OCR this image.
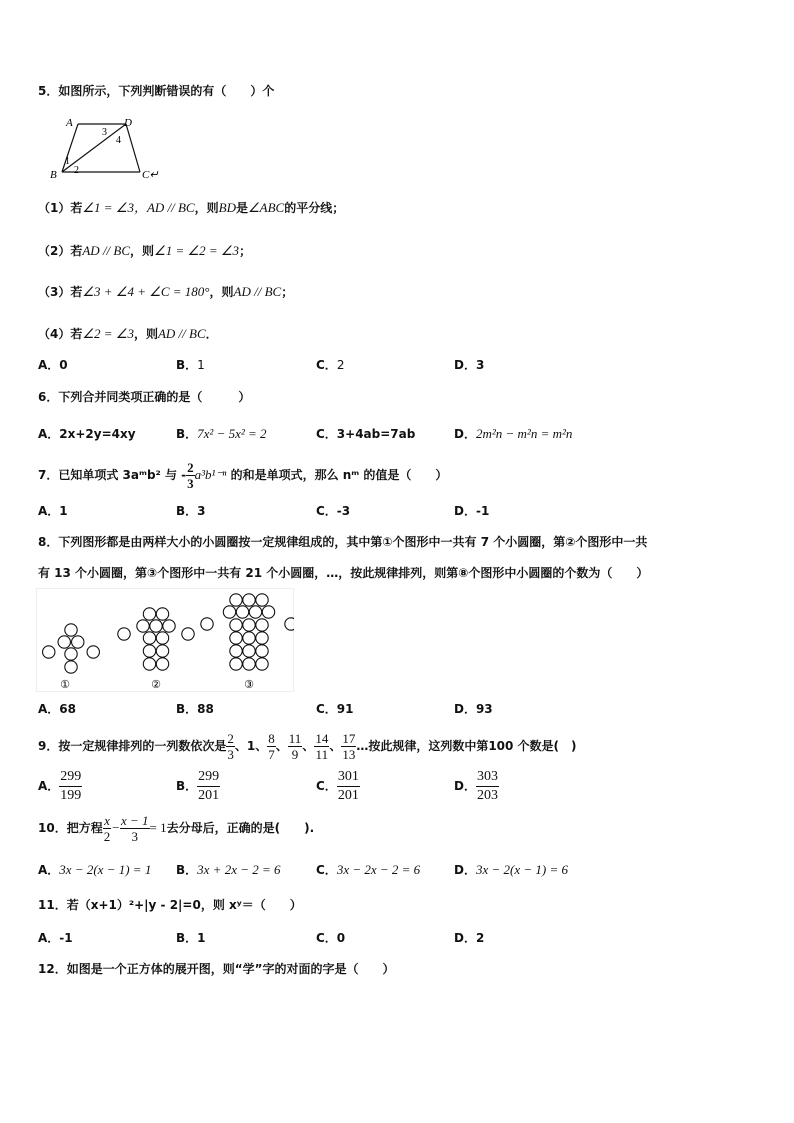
5．如图所示，下列判断错误的有（　　）个
A	D
B	C↵
1
2
3
4
（1）若∠1 = ∠3，AD // BC，则BD是∠ABC的平分线；
（2）若AD // BC，则∠1 = ∠2 = ∠3；
（3）若∠3 + ∠4 + ∠C = 180°，则AD // BC；
（4）若∠2 = ∠3，则AD // BC．
A．0	B．1	C．2	D．3
6．下列合并同类项正确的是（　　　）
A．2x+2y=4xy	B．7x² − 5x² = 2	C．3+4ab=7ab	D．2m²n − m²n = m²n
7．已知单项式 3aᵐb² 与 - $\frac{2}{3} a^3b^{1-n}$ 的和是单项式，那么 nᵐ 的值是（　　）
A．1	B．3	C．-3	D．-1
8．下列图形都是由两样大小的小圆圈按一定规律组成的，其中第①个图形中一共有 7 个小圆圈，第②个图形中一共
有 13 个小圆圈，第③个图形中一共有 21 个小圆圈，…，按此规律排列，则第⑧个图形中小圆圈的个数为（　　）
①	②	③
A．68	B．88	C．91	D．93
9．按一定规律排列的一列数依次是 $\frac{2}{3}$ 、1、 $\frac{8}{7}$ 、 $\frac{11}{9}$ 、 $\frac{14}{11}$ 、 $\frac{17}{13}$ …按此规律，这列数中第100 个数是(　)
A． $\frac{299}{199}$	B． $\frac{299}{201}$	C． $\frac{301}{201}$	D． $\frac{303}{203}$
10．把方程 $\frac{x}{2} - \frac{x - 1}{3} = 1$去分母后，正确的是(　　).
A．3x − 2(x − 1) = 1 B．3x + 2x − 2 = 6	C．3x − 2x − 2 = 6	D．3x − 2(x − 1) = 6
11．若（x+1）²+|y - 2|=0，则 xʸ＝（　　）
A．-1	B．1	C．0	D．2
12．如图是一个正方体的展开图，则“学”字的对面的字是（　　）
